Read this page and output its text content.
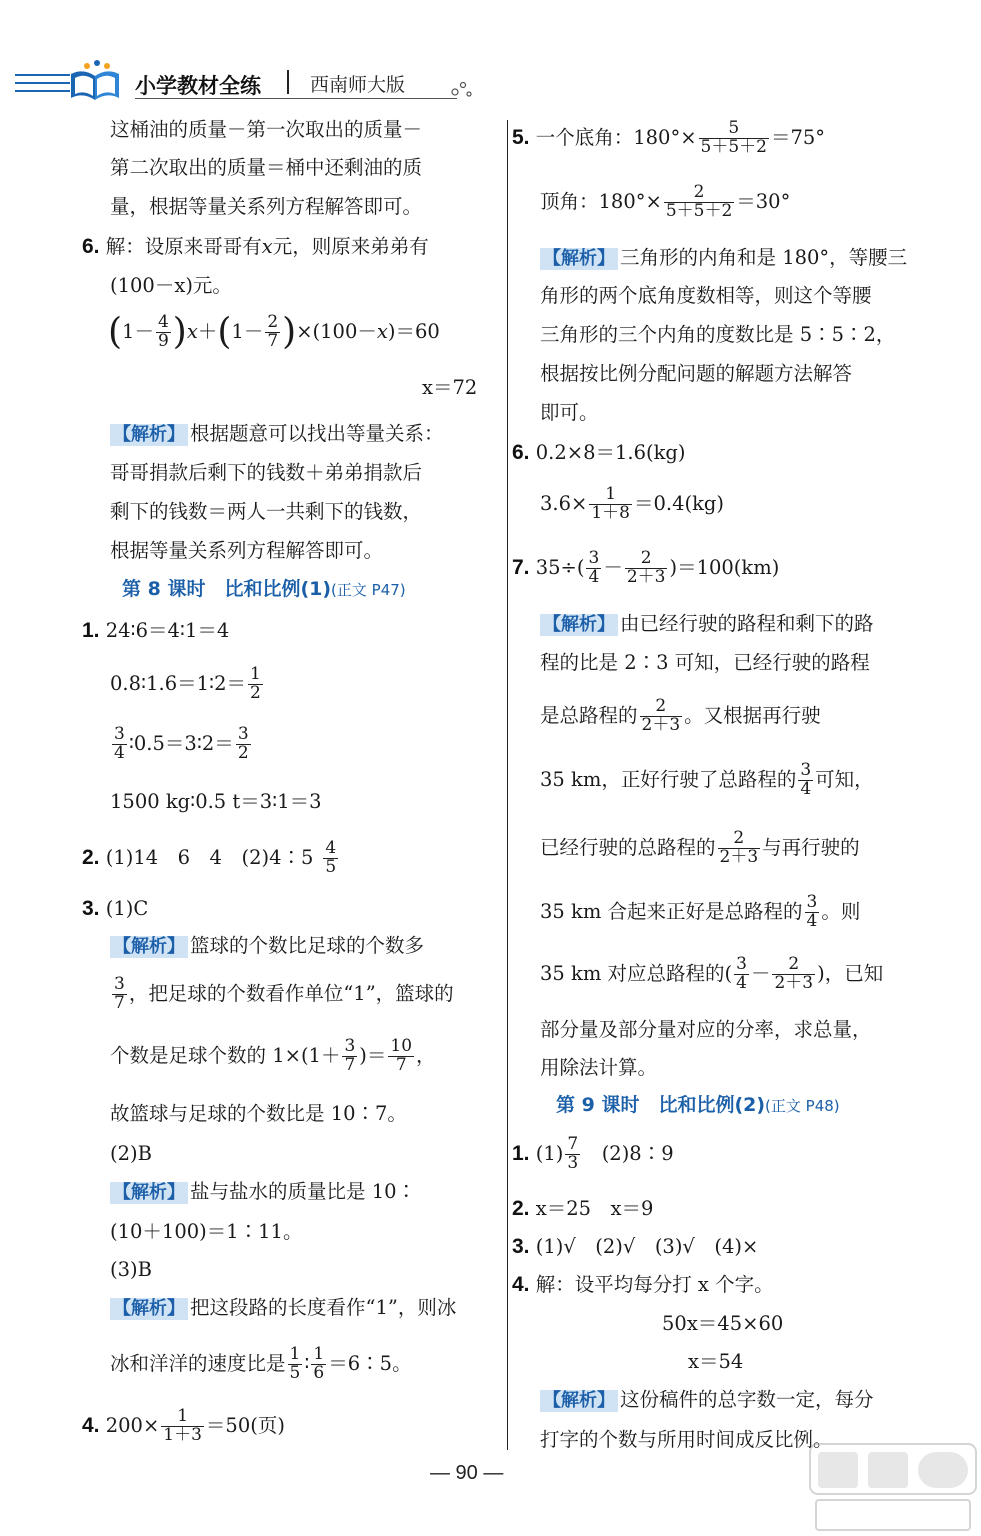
小学教材全练	西南师大版
这桶油的质量－第一次取出的质量－
第二次取出的质量＝桶中还剩油的质
量，根据等量关系列方程解答即可。
6. 解：设原来哥哥有x元，则原来弟弟有
(100－x)元。
$(1- \frac{4}{9} )x+(1- \frac{2}{7} )\times(100-x)=60$
x＝72
【解析】 根据题意可以找出等量关系：
哥哥捐款后剩下的钱数＋弟弟捐款后
剩下的钱数＝两人一共剩下的钱数，
根据等量关系列方程解答即可。
第 8 课时　比和比例(1)(正文 P47)
1. 24∶6＝4∶1＝4
0.8∶1.6＝1∶2＝ $\frac{1}{2}$
$\frac{3}{4}$ ∶0.5＝3∶2＝ $\frac{3}{2}$
1500 kg∶0.5 t＝3∶1＝3
2. (1)14　6　4　(2)4∶5 $\frac{4}{5}$
3. (1)C
【解析】 篮球的个数比足球的个数多
$\frac{3}{7}$ ，把足球的个数看作单位“1”，篮球的
个数是足球个数的 $1\times(1+ \frac{3}{7}$ )＝ $\frac{10}{7}$ ，
故篮球与足球的个数比是 10∶7。
(2)B
【解析】 盐与盐水的质量比是 10∶
(10＋100)＝1∶11。
(3)B
【解析】 把这段路的长度看作“1”，则冰
冰和洋洋的速度比是 $\frac{1}{5}$ ∶ $\frac{1}{6}$ ＝6∶5。
4. $200\times \frac{1}{1+3} =50$(页)
5. 一个底角：$180^\circ\times \frac{5}{5+5+2} =75^\circ$
顶角：$180^\circ\times \frac{2}{5+5+2} =30^\circ$
【解析】 三角形的内角和是 180°，等腰三
角形的两个底角度数相等，则这个等腰
三角形的三个内角的度数比是 5∶5∶2，
根据按比例分配问题的解题方法解答
即可。
6. 0.2×8＝1.6(kg)
$3.6\times \frac{1}{1+8} =0.4(kg)$
7. $35\div( \frac{3}{4} - \frac{2}{2+3} )=100(km)$
【解析】 由已经行驶的路程和剩下的路
程的比是 2∶3 可知，已经行驶的路程
是总路程的 $\frac{2}{2+3}$ 。又根据再行驶
35 km，正好行驶了总路程的 $\frac{3}{4}$ 可知，
已经行驶的总路程的 $\frac{2}{2+3}$ 与再行驶的
35 km 合起来正好是总路程的 $\frac{3}{4}$ 。则
35 km 对应总路程的( $\frac{3}{4} - \frac{2}{2+3}$ )，已知
部分量及部分量对应的分率，求总量，
用除法计算。
第 9 课时　比和比例(2)(正文 P48)
1. $(1) \frac{7}{3}$
　 (2)8∶9
2. x＝25　x＝9
3. (1)√　(2)√　(3)√　(4)×
4. 解：设平均每分打 x 个字。
50x＝45×60
x＝54
【解析】 这份稿件的总字数一定，每分
打字的个数与所用时间成反比例。
— 90 —
